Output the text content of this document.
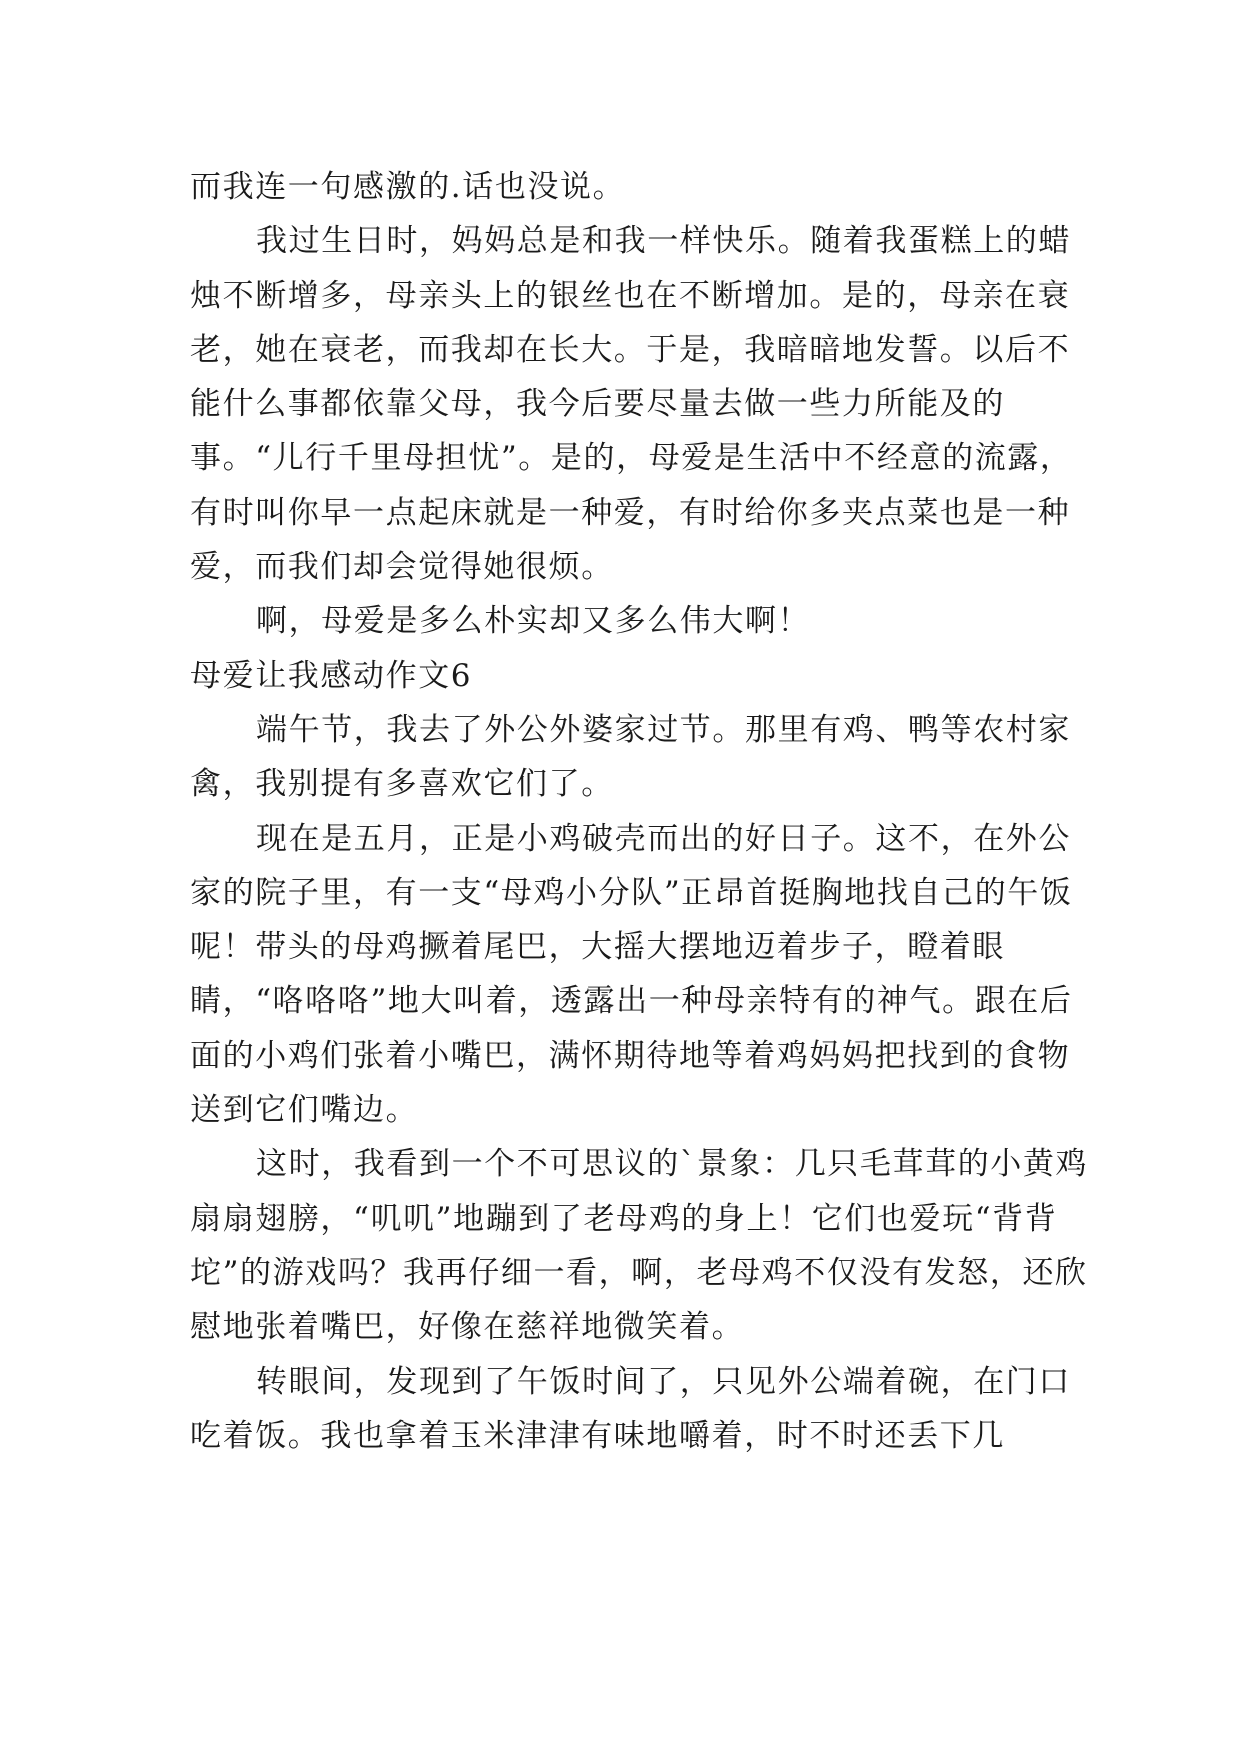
而我连一句感激的.话也没说。

我过生日时，妈妈总是和我一样快乐。随着我蛋糕上的蜡烛不断增多，母亲头上的银丝也在不断增加。是的，母亲在衰老，她在衰老，而我却在长大。于是，我暗暗地发誓。以后不能什么事都依靠父母，我今后要尽量去做一些力所能及的事。“儿行千里母担忧”。是的，母爱是生活中不经意的流露，有时叫你早一点起床就是一种爱，有时给你多夹点菜也是一种爱，而我们却会觉得她很烦。

啊，母爱是多么朴实却又多么伟大啊！

母爱让我感动作文6

端午节，我去了外公外婆家过节。那里有鸡、鸭等农村家禽，我别提有多喜欢它们了。

现在是五月，正是小鸡破壳而出的好日子。这不，在外公家的院子里，有一支“母鸡小分队”正昂首挺胸地找自己的午饭呢！带头的母鸡撅着尾巴，大摇大摆地迈着步子，瞪着眼睛，“咯咯咯”地大叫着，透露出一种母亲特有的神气。跟在后面的小鸡们张着小嘴巴，满怀期待地等着鸡妈妈把找到的食物送到它们嘴边。

这时，我看到一个不可思议的`景象：几只毛茸茸的小黄鸡扇扇翅膀，“叽叽”地蹦到了老母鸡的身上！它们也爱玩“背背坨”的游戏吗？我再仔细一看，啊，老母鸡不仅没有发怒，还欣慰地张着嘴巴，好像在慈祥地微笑着。

转眼间，发现到了午饭时间了，只见外公端着碗，在门口吃着饭。我也拿着玉米津津有味地嚼着，时不时还丢下几
